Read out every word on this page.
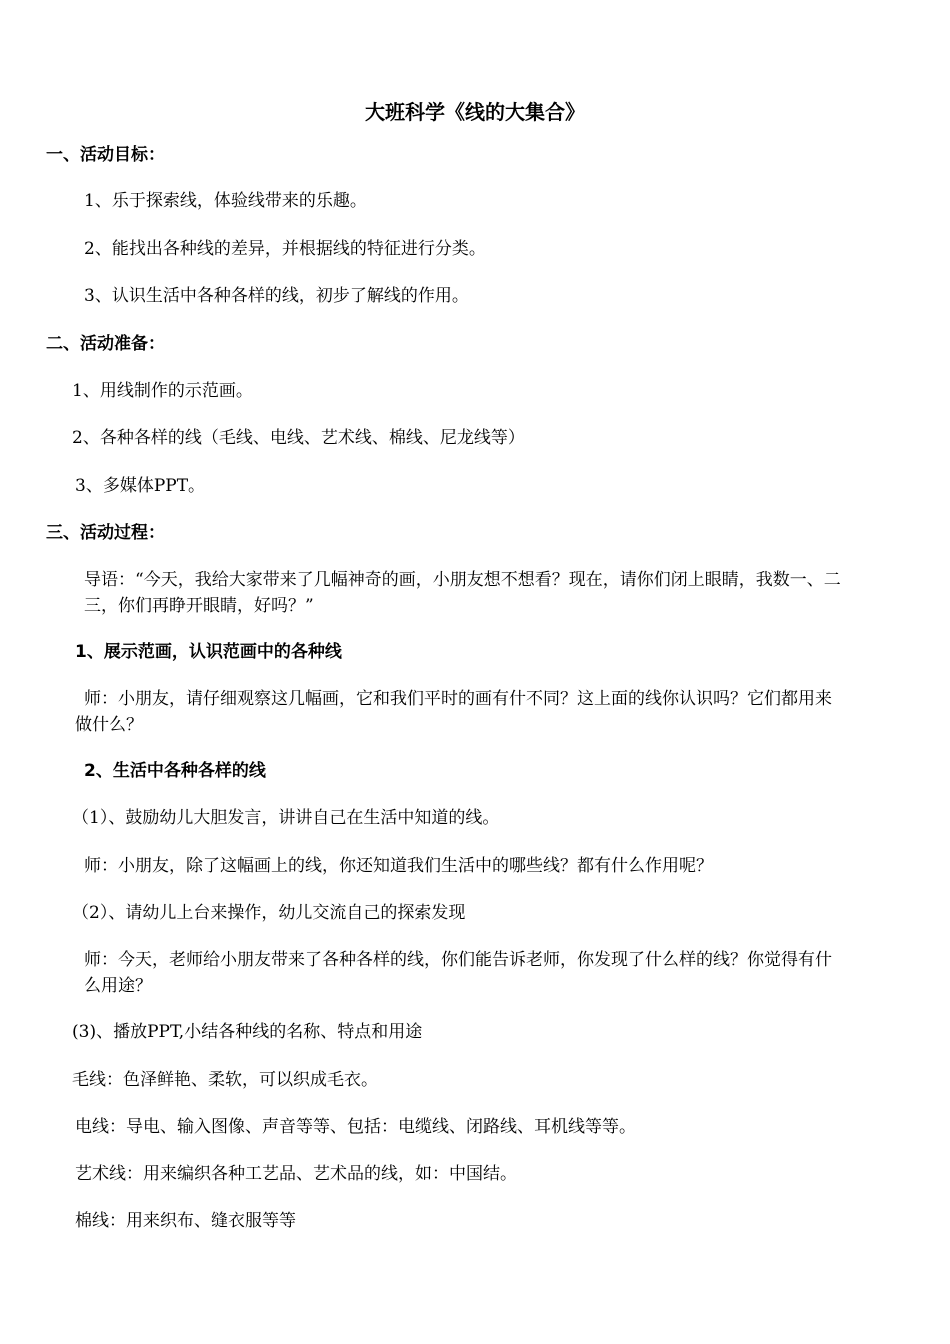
大班科学《线的大集合》
一、活动目标：
1、乐于探索线，体验线带来的乐趣。
2、能找出各种线的差异，并根据线的特征进行分类。
3、认识生活中各种各样的线，初步了解线的作用。
二、活动准备：
1、用线制作的示范画。
2、各种各样的线（毛线、电线、艺术线、棉线、尼龙线等）
3、多媒体PPT。
三、活动过程：
导语：“今天，我给大家带来了几幅神奇的画，小朋友想不想看？现在，请你们闭上眼睛，我数一、二
三，你们再睁开眼睛，好吗？”
1、展示范画，认识范画中的各种线
师：小朋友，请仔细观察这几幅画，它和我们平时的画有什不同？这上面的线你认识吗？它们都用来
做什么？
2、生活中各种各样的线
（1）、鼓励幼儿大胆发言，讲讲自己在生活中知道的线。
师：小朋友，除了这幅画上的线，你还知道我们生活中的哪些线？都有什么作用呢？
（2）、请幼儿上台来操作，幼儿交流自己的探索发现
师：今天，老师给小朋友带来了各种各样的线，你们能告诉老师，你发现了什么样的线？你觉得有什
么用途？
(3)、播放PPT,小结各种线的名称、特点和用途
毛线：色泽鲜艳、柔软，可以织成毛衣。
电线：导电、输入图像、声音等等、包括：电缆线、闭路线、耳机线等等。
艺术线：用来编织各种工艺品、艺术品的线，如：中国结。
棉线：用来织布、缝衣服等等
